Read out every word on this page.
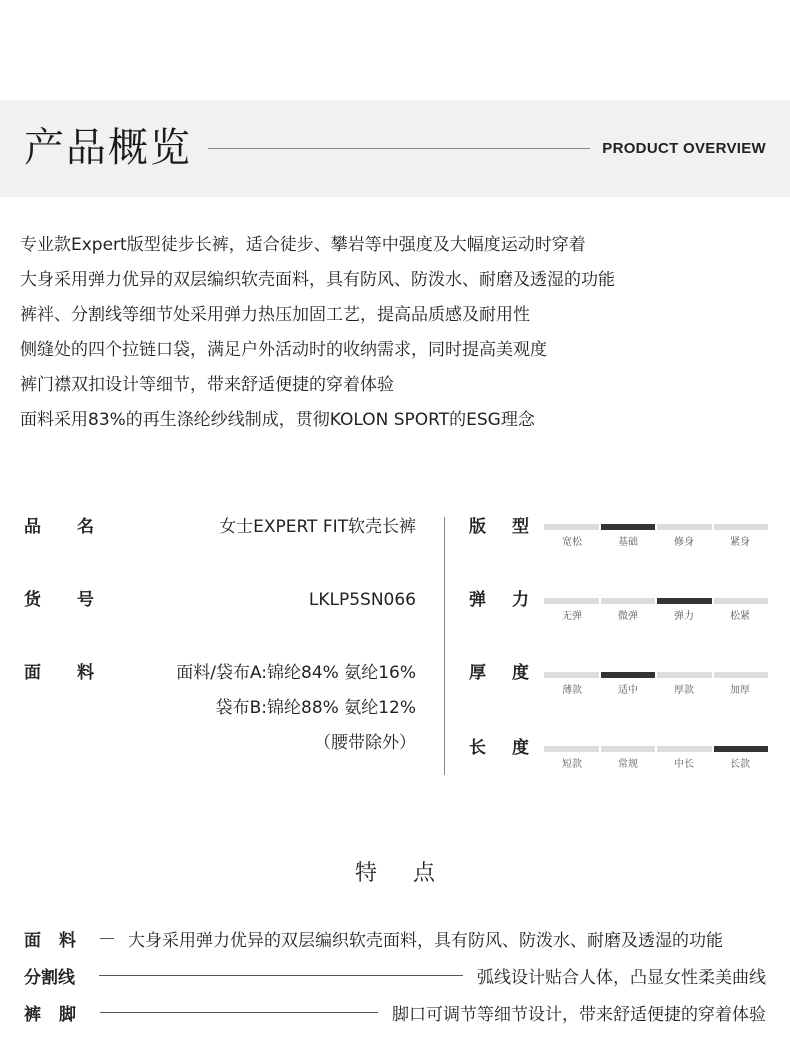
产品概览	PRODUCT OVERVIEW
专业款Expert版型徒步长裤，适合徒步、攀岩等中强度及大幅度运动时穿着
大身采用弹力优异的双层编织软壳面料，具有防风、防泼水、耐磨及透湿的功能
裤袢、分割线等细节处采用弹力热压加固工艺，提高品质感及耐用性
侧缝处的四个拉链口袋，满足户外活动时的收纳需求，同时提高美观度
裤门襟双扣设计等细节，带来舒适便捷的穿着体验
面料采用83%的再生涤纶纱线制成，贯彻KOLON SPORT的ESG理念
品 名	女士EXPERT FIT软壳长裤
货 号	LKLP5SN066
面 料	面料/袋布A:锦纶84% 氨纶16%
袋布B:锦纶88% 氨纶12%
（腰带除外）
版 型
宽松	基础	修身	紧身
弹 力
无弹	微弹	弹力	松紧
厚 度
薄款	适中	厚款	加厚
长 度
短款	常规	中长	长款
特点
面 料	大身采用弹力优异的双层编织软壳面料，具有防风、防泼水、耐磨及透湿的功能
分割线	弧线设计贴合人体，凸显女性柔美曲线
裤 脚	脚口可调节等细节设计，带来舒适便捷的穿着体验
